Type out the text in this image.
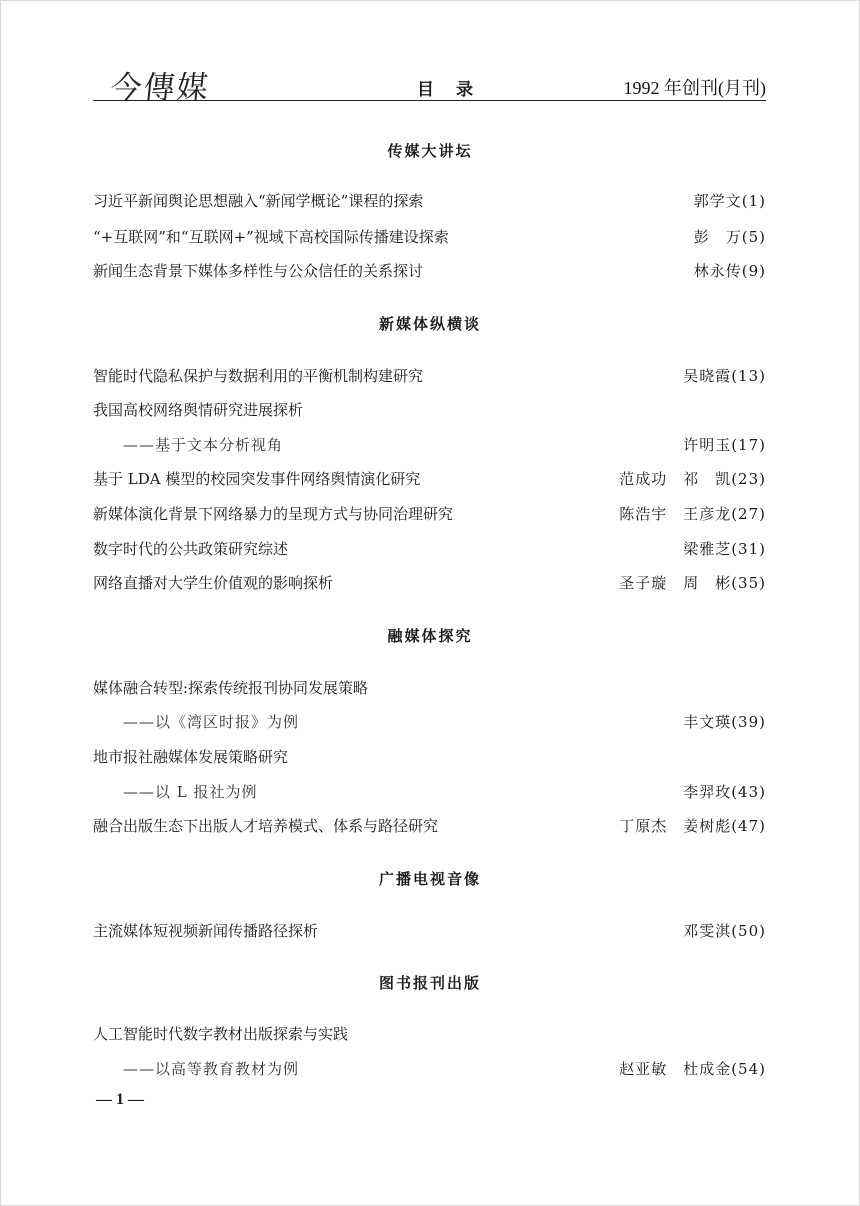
今傳媒	目录	1992 年创刊(月刊)
传媒大讲坛
习近平新闻舆论思想融入“新闻学概论”课程的探索	郭学文(1)
“+互联网”和“互联网+”视域下高校国际传播建设探索	彭　万(5)
新闻生态背景下媒体多样性与公众信任的关系探讨	林永传(9)
新媒体纵横谈
智能时代隐私保护与数据利用的平衡机制构建研究	吴晓霞(13)
我国高校网络舆情研究进展探析
——基于文本分析视角	许明玉(17)
基于 LDA 模型的校园突发事件网络舆情演化研究	范成功　祁　凯(23)
新媒体演化背景下网络暴力的呈现方式与协同治理研究	陈浩宇　王彦龙(27)
数字时代的公共政策研究综述	梁雅芝(31)
网络直播对大学生价值观的影响探析	圣子璇　周　彬(35)
融媒体探究
媒体融合转型:探索传统报刊协同发展策略
——以《湾区时报》为例	丰文瑛(39)
地市报社融媒体发展策略研究
——以 L 报社为例	李羿玫(43)
融合出版生态下出版人才培养模式、体系与路径研究	丁原杰　姜树彪(47)
广播电视音像
主流媒体短视频新闻传播路径探析	邓雯淇(50)
图书报刊出版
人工智能时代数字教材出版探索与实践
——以高等教育教材为例	赵亚敏　杜成金(54)
— 1 —
